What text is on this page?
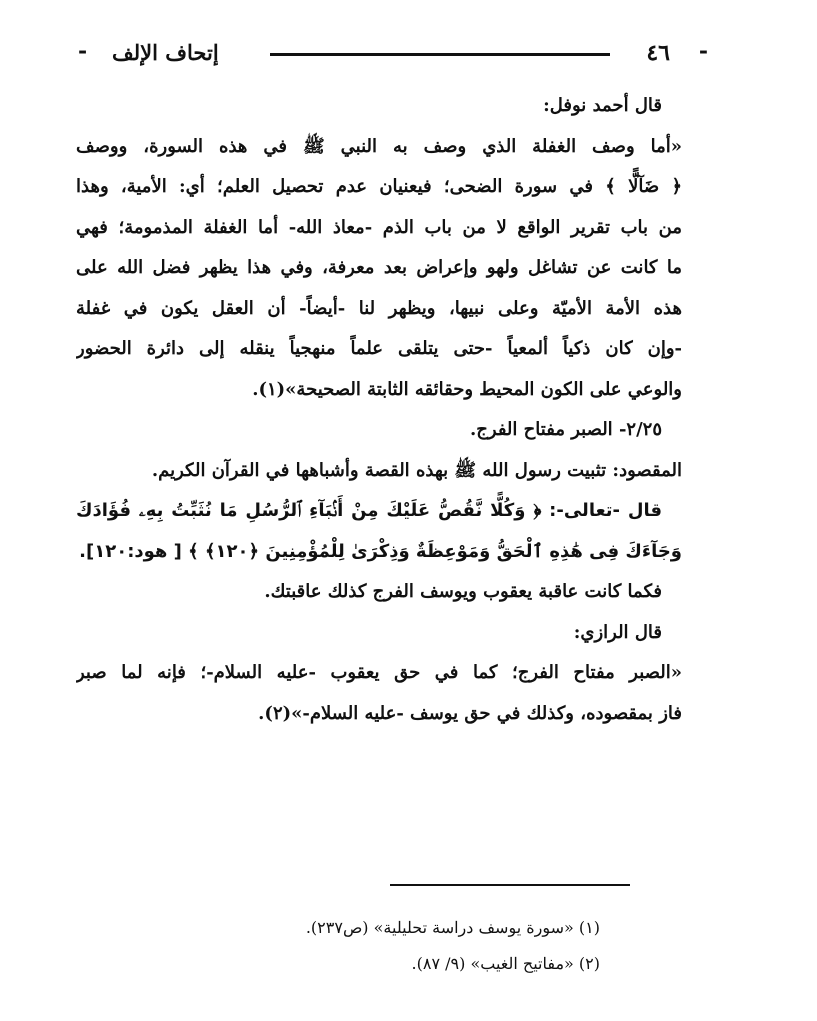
-
٤٦
إتحاف الإلف
-
قال أحمد نوفل:
«أما وصف الغفلة الذي وصف به النبي ﷺ في هذه السورة، ووصف
﴿ ضَآلًّا ﴾ في سورة الضحى؛ فيعنيان عدم تحصيل العلم؛ أي: الأمية، وهذا
من باب تقرير الواقع لا من باب الذم -معاذ الله- أما الغفلة المذمومة؛ فهي
ما كانت عن تشاغل ولهو وإعراض بعد معرفة، وفي هذا يظهر فضل الله على
هذه الأمة الأميّة وعلى نبيها، ويظهر لنا -أيضاً- أن العقل يكون في غفلة
-وإن كان ذكياً ألمعياً -حتى يتلقى علماً منهجياً ينقله إلى دائرة الحضور
والوعي على الكون المحيط وحقائقه الثابتة الصحيحة»(١).
٢/٢٥- الصبر مفتاح الفرج.
المقصود: تثبيت رسول الله ﷺ بهذه القصة وأشباهها في القرآن الكريم.
قال -تعالى-: ﴿ وَكُلًّا نَّقُصُّ عَلَيْكَ مِنْ أَنۢبَآءِ ٱلرُّسُلِ مَا نُثَبِّتُ بِهِۦ فُؤَادَكَ
وَجَآءَكَ فِى هَٰذِهِ ٱلْحَقُّ وَمَوْعِظَةٌ وَذِكْرَىٰ لِلْمُؤْمِنِينَ ﴿١٢٠﴾ ﴾ [ هود:١٢٠].
فكما كانت عاقبة يعقوب ويوسف الفرج كذلك عاقبتك.
قال الرازي:
«الصبر مفتاح الفرج؛ كما في حق يعقوب -عليه السلام-؛ فإنه لما صبر
فاز بمقصوده، وكذلك في حق يوسف -عليه السلام-»(٢).
(١) «سورة يوسف دراسة تحليلية» (ص٢٣٧).
(٢) «مفاتيح الغيب» (٩/ ٨٧).
